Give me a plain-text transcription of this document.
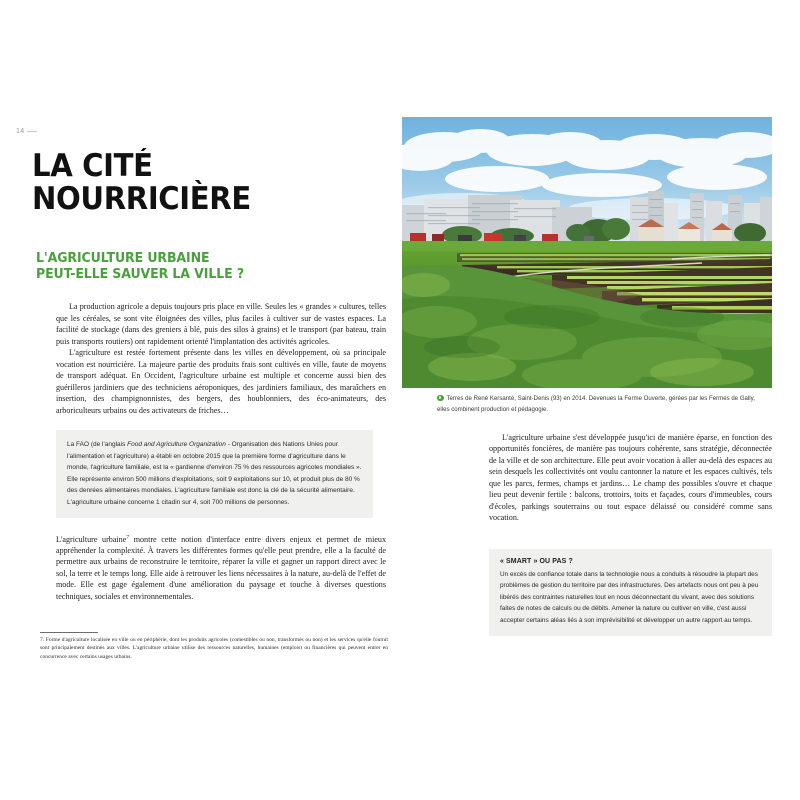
14
LA CITÉ NOURRICIÈRE
L'AGRICULTURE URBAINE
PEUT-ELLE SAUVER LA VILLE ?

La production agricole a depuis toujours pris place en ville. Seules les « grandes » cultures, telles que les céréales, se sont vite éloignées des villes, plus faciles à cultiver sur de vastes espaces. La facilité de stockage (dans des greniers à blé, puis des silos à grains) et le transport (par bateau, train puis transports routiers) ont rapidement orienté l'implantation des activités agricoles.

L'agriculture est restée fortement présente dans les villes en développement, où sa principale vocation est nourricière. La majeure partie des produits frais sont cultivés en ville, faute de moyens de transport adéquat. En Occident, l'agriculture urbaine est multiple et concerne aussi bien des guérilleros jardiniers que des techniciens aéroponiques, des jardiniers familiaux, des maraîchers en insertion, des champignonnistes, des bergers, des houblonniers, des éco-animateurs, des arboriculteurs urbains ou des activateurs de friches…

La FAO (de l'anglais Food and Agriculture Organization - Organisation des Nations Unies pour l'alimentation et l'agriculture) a établi en octobre 2015 que la première forme d'agriculture dans le monde, l'agriculture familiale, est la « gardienne d'environ 75 % des ressources agricoles mondiales ». Elle représente environ 500 millions d'exploitations, soit 9 exploitations sur 10, et produit plus de 80 % des denrées alimentaires mondiales. L'agriculture familiale est donc la clé de la sécurité alimentaire. L'agriculture urbaine concerne 1 citadin sur 4, soit 700 millions de personnes.

L'agriculture urbaine$^7$ montre cette notion d'interface entre divers enjeux et permet de mieux appréhender la complexité. À travers les différentes formes qu'elle peut prendre, elle a la faculté de permettre aux urbains de reconstruire le territoire, réparer la ville et gagner un rapport direct avec le sol, la terre et le temps long. Elle aide à retrouver les liens nécessaires à la nature, au-delà de l'effet de mode. Elle est gage également d'une amélioration du paysage et touche à diverses questions techniques, sociales et environnementales.

7. Forme d'agriculture localisée en ville ou en périphérie, dont les produits agricoles (comestibles ou non, transformés ou non) et les services qu'elle fournit sont principalement destinés aux villes. L'agriculture urbaine utilise des ressources naturelles, humaines (emplois) ou financières qui peuvent entrer en concurrence avec certains usages urbains.

Terres de René Kersanté, Saint-Denis (93) en 2014. Devenues la Ferme Ouverte, gérées par les Fermes de Gally, elles combinent production et pédagogie.

L'agriculture urbaine s'est développée jusqu'ici de manière éparse, en fonction des opportunités foncières, de manière pas toujours cohérente, sans stratégie, déconnectée de la ville et de son architecture. Elle peut avoir vocation à aller au-delà des espaces au sein desquels les collectivités ont voulu cantonner la nature et les espaces cultivés, tels que les parcs, fermes, champs et jardins… Le champ des possibles s'ouvre et chaque lieu peut devenir fertile : balcons, trottoirs, toits et façades, cours d'immeubles, cours d'écoles, parkings souterrains ou tout espace délaissé ou considéré comme sans vocation.

« SMART » OU PAS ?

Un excès de confiance totale dans la technologie nous a conduits à résoudre la plupart des problèmes de gestion du territoire par des infrastructures. Des artefacts nous ont peu à peu libérés des contraintes naturelles tout en nous déconnectant du vivant, avec des solutions faites de notes de calculs ou de débits. Amener la nature ou cultiver en ville, c'est aussi accepter certains aléas liés à son imprévisibilité et développer un autre rapport au temps.
